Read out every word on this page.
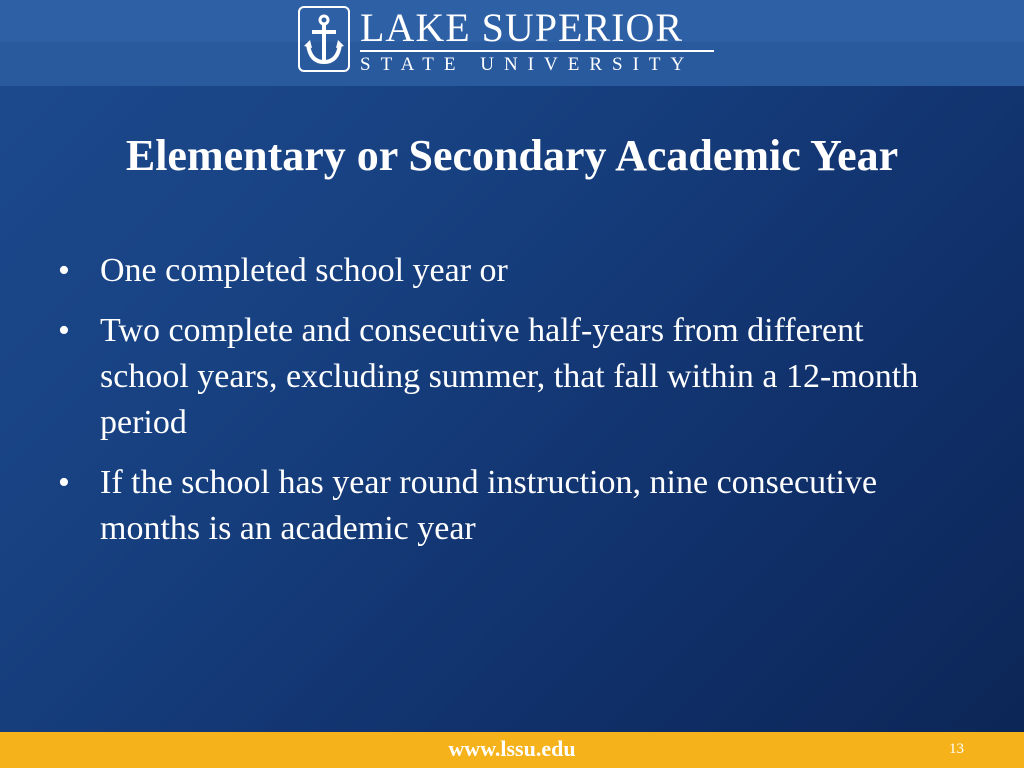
LAKE SUPERIOR
STATE UNIVERSITY
Elementary or Secondary Academic Year
• One completed school year or
• Two complete and consecutive half-years from different school years, excluding summer, that fall within a 12-month period
• If the school has year round instruction, nine consecutive months is an academic year
www.lssu.edu	13
